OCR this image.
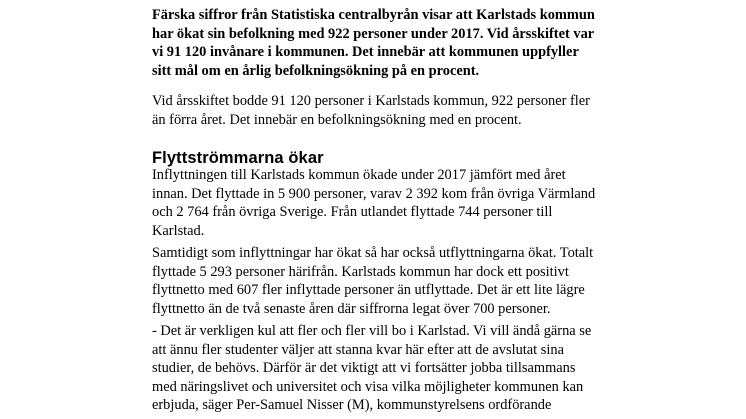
Färska siffror från Statistiska centralbyrån visar att Karlstads kommun
har ökat sin befolkning med 922 personer under 2017. Vid årsskiftet var
vi 91 120 invånare i kommunen. Det innebär att kommunen uppfyller
sitt mål om en årlig befolkningsökning på en procent.

Vid årsskiftet bodde 91 120 personer i Karlstads kommun, 922 personer fler
än förra året. Det innebär en befolkningsökning med en procent.

Flyttströmmarna ökar

Inflyttningen till Karlstads kommun ökade under 2017 jämfört med året
innan. Det flyttade in 5 900 personer, varav 2 392 kom från övriga Värmland
och 2 764 från övriga Sverige. Från utlandet flyttade 744 personer till
Karlstad.

Samtidigt som inflyttningar har ökat så har också utflyttningarna ökat. Totalt
flyttade 5 293 personer härifrån. Karlstads kommun har dock ett positivt
flyttnetto med 607 fler inflyttade personer än utflyttade. Det är ett lite lägre
flyttnetto än de två senaste åren där siffrorna legat över 700 personer.

- Det är verkligen kul att fler och fler vill bo i Karlstad. Vi vill ändå gärna se
att ännu fler studenter väljer att stanna kvar här efter att de avslutat sina
studier, de behövs. Därför är det viktigt att vi fortsätter jobba tillsammans
med näringslivet och universitet och visa vilka möjligheter kommunen kan
erbjuda, säger Per-Samuel Nisser (M), kommunstyrelsens ordförande
